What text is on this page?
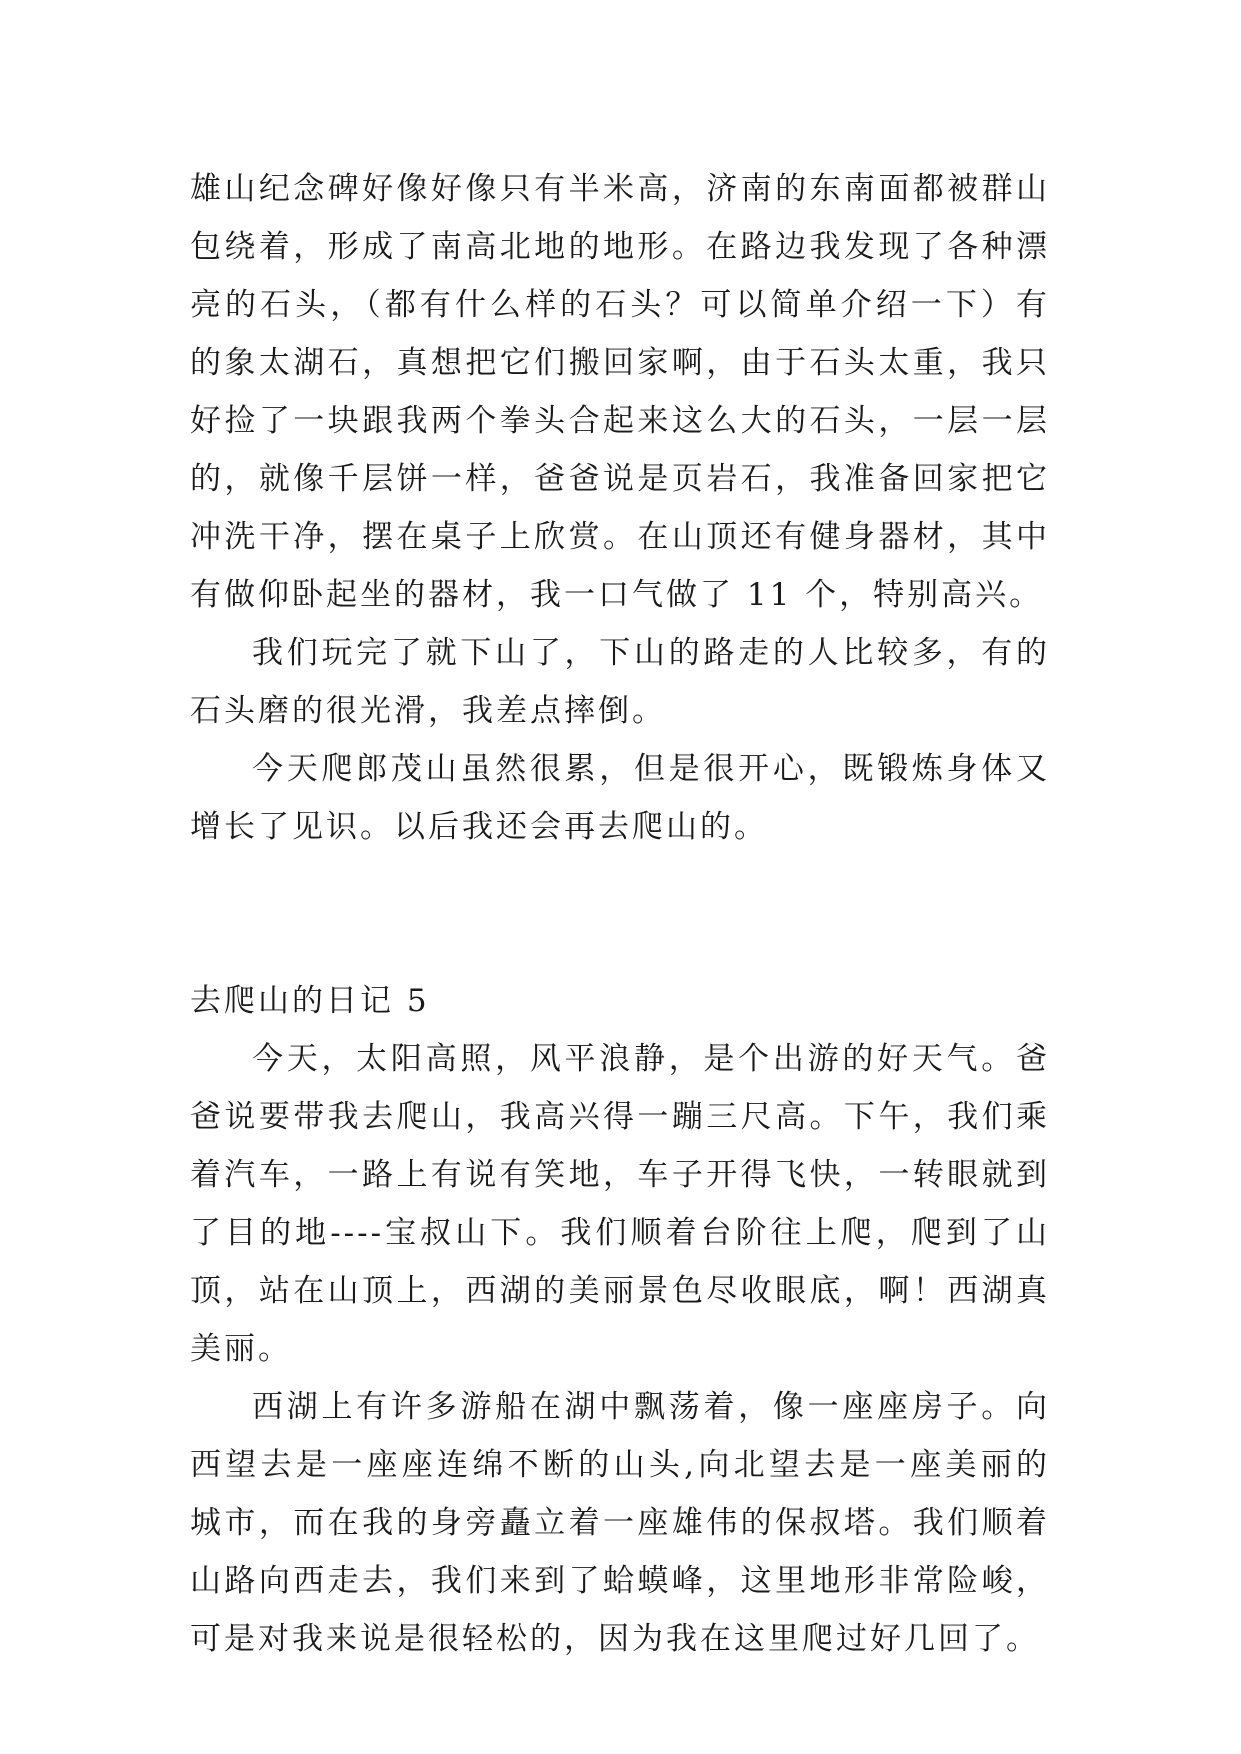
雄山纪念碑好像好像只有半米高，济南的东南面都被群山包绕着，形成了南高北地的地形。在路边我发现了各种漂亮的石头，（都有什么样的石头？可以简单介绍一下）有的象太湖石，真想把它们搬回家啊，由于石头太重，我只好捡了一块跟我两个拳头合起来这么大的石头，一层一层的，就像千层饼一样，爸爸说是页岩石，我准备回家把它冲洗干净，摆在桌子上欣赏。在山顶还有健身器材，其中有做仰卧起坐的器材，我一口气做了 11 个，特别高兴。

我们玩完了就下山了，下山的路走的人比较多，有的石头磨的很光滑，我差点摔倒。

今天爬郎茂山虽然很累，但是很开心，既锻炼身体又增长了见识。以后我还会再去爬山的。

去爬山的日记 5

今天，太阳高照，风平浪静，是个出游的好天气。爸爸说要带我去爬山，我高兴得一蹦三尺高。下午，我们乘着汽车，一路上有说有笑地，车子开得飞快，一转眼就到了目的地----宝叔山下。我们顺着台阶往上爬，爬到了山顶，站在山顶上，西湖的美丽景色尽收眼底，啊！西湖真美丽。

西湖上有许多游船在湖中飘荡着，像一座座房子。向西望去是一座座连绵不断的山头,向北望去是一座美丽的城市，而在我的身旁矗立着一座雄伟的保叔塔。我们顺着山路向西走去，我们来到了蛤蟆峰，这里地形非常险峻，可是对我来说是很轻松的，因为我在这里爬过好几回了。
